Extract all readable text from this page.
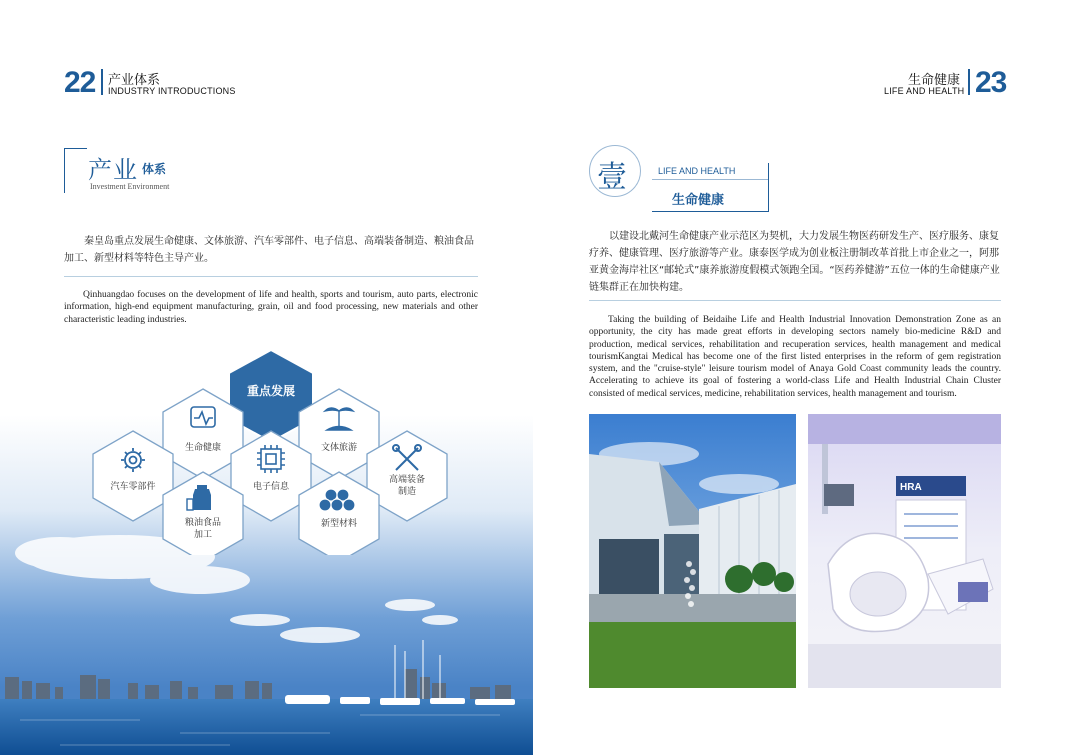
22 产业体系
INDUSTRY INTRODUCTIONS
产业 体系
Investment Environment
秦皇岛重点发展生命健康、文体旅游、汽车零部件、电子信息、高端装备制造、粮油食品加工、新型材料等特色主导产业。
Qinhuangdao focuses on the development of life and health, sports and tourism, auto parts, electronic information, high-end equipment manufacturing, grain, oil and food processing, new materials and other characteristic leading industries.
重点发展
生命健康	文体旅游
汽车零部件	电子信息
高端装备
制造
粮油食品
加工
新型材料
生命健康
LIFE AND HEALTH 23
壹	LIFE AND HEALTH
生命健康
以建设北戴河生命健康产业示范区为契机，大力发展生物医药研发生产、医疗服务、康复疗养、健康管理、医疗旅游等产业。康泰医学成为创业板注册制改革首批上市企业之一，阿那亚黄金海岸社区“邮轮式”康养旅游度假模式领跑全国。“医药养健游”五位一体的生命健康产业链集群正在加快构建。
Taking the building of Beidaihe Life and Health Industrial Innovation Demonstration Zone as an opportunity, the city has made great efforts in developing sectors namely bio-medicine R&D and production, medical services, rehabilitation and recuperation services, health management and medical tourismKangtai Medical has become one of the first listed enterprises in the reform of gem registration system, and the "cruise-style" leisure tourism model of Anaya Gold Coast community leads the country. Accelerating to achieve its goal of fostering a world-class Life and Health Industrial Chain Cluster consisted of medical services, medicine, rehabilitation services, health management and tourism.
HRA
